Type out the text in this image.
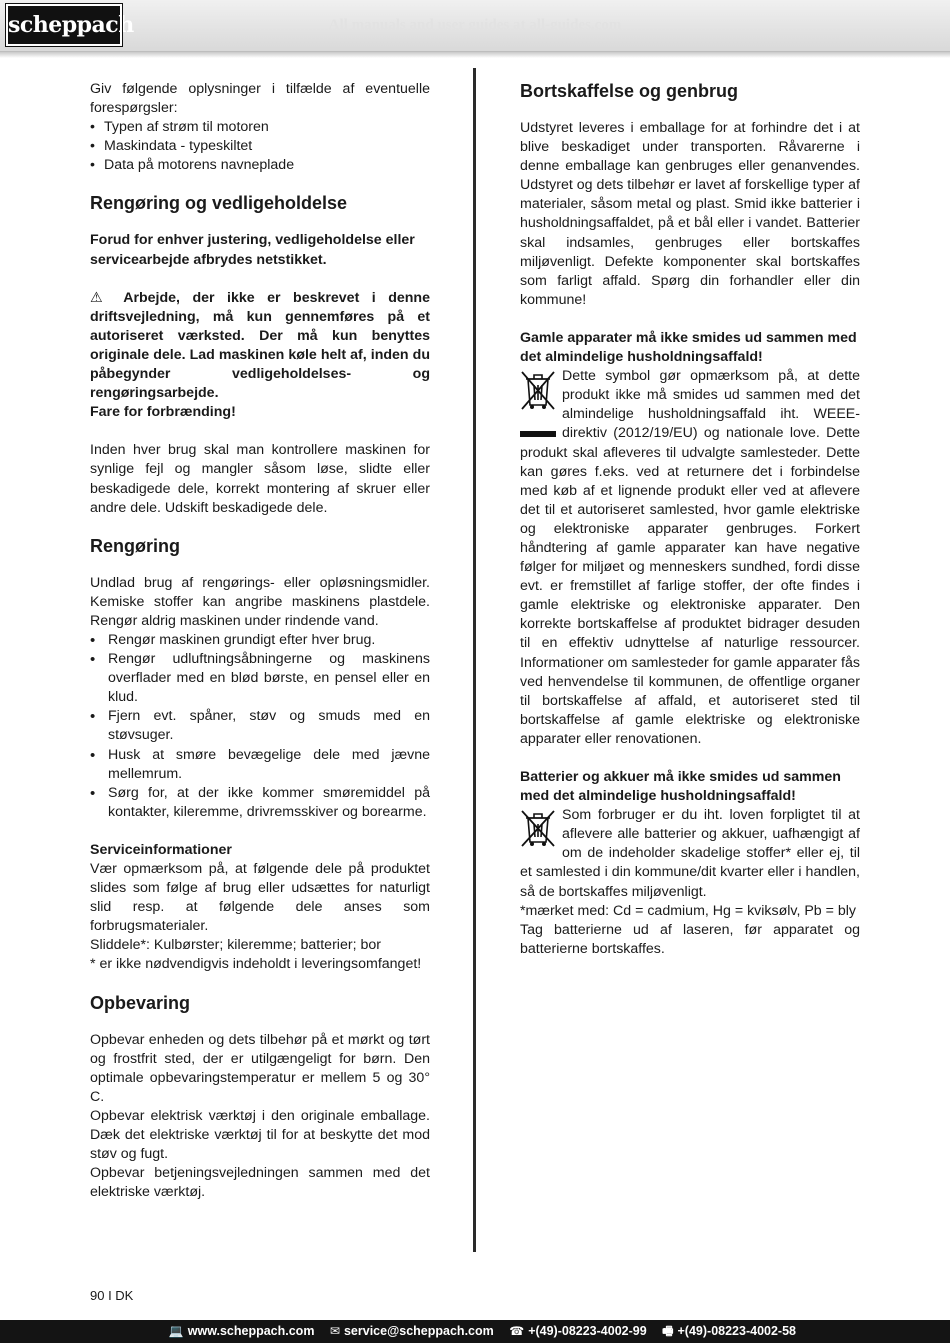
scheppach	All manuals and user guides at all-guides.com

Giv følgende oplysninger i tilfælde af eventuelle forespørgsler:

• Typen af strøm til motoren
• Maskindata - typeskiltet
• Data på motorens navneplade
Rengøring og vedligeholdelse

Forud for enhver justering, vedligeholdelse eller servicearbejde afbrydes netstikket.

⚠ Arbejde, der ikke er beskrevet i denne driftsvejledning, må kun gennemføres på et autoriseret værksted. Der må kun benyttes originale dele. Lad maskinen køle helt af, inden du påbegynder vedligeholdelses- og rengøringsarbejde.

Fare for forbrænding!

Inden hver brug skal man kontrollere maskinen for synlige fejl og mangler såsom løse, slidte eller beskadigede dele, korrekt montering af skruer eller andre dele. Udskift beskadigede dele.

Rengøring

Undlad brug af rengørings- eller opløsningsmidler. Kemiske stoffer kan angribe maskinens plastdele. Rengør aldrig maskinen under rindende vand.

• Rengør maskinen grundigt efter hver brug.
• Rengør udluftningsåbningerne og maskinens overflader med en blød børste, en pensel eller en klud.
• Fjern evt. spåner, støv og smuds med en støvsuger.
• Husk at smøre bevægelige dele med jævne mellemrum.
• Sørg for, at der ikke kommer smøremiddel på kontakter, kileremme, drivremsskiver og borearme.

Serviceinformationer

Vær opmærksom på, at følgende dele på produktet slides som følge af brug eller udsættes for naturligt slid resp. at følgende dele anses som forbrugsmaterialer.

Sliddele*: Kulbørster; kileremme; batterier; bor

* er ikke nødvendigvis indeholdt i leveringsomfanget!

Opbevaring

Opbevar enheden og dets tilbehør på et mørkt og tørt og frostfrit sted, der er utilgængeligt for børn. Den optimale opbevaringstemperatur er mellem 5 og 30° C.

Opbevar elektrisk værktøj i den originale emballage. Dæk det elektriske værktøj til for at beskytte det mod støv og fugt.

Opbevar betjeningsvejledningen sammen med det elektriske værktøj.

Bortskaffelse og genbrug

Udstyret leveres i emballage for at forhindre det i at blive beskadiget under transporten. Råvarerne i denne emballage kan genbruges eller genanvendes. Udstyret og dets tilbehør er lavet af forskellige typer af materialer, såsom metal og plast. Smid ikke batterier i husholdningsaffaldet, på et bål eller i vandet. Batterier skal indsamles, genbruges eller bortskaffes miljøvenligt. Defekte komponenter skal bortskaffes som farligt affald. Spørg din forhandler eller din kommune!

Gamle apparater må ikke smides ud sammen med det almindelige husholdningsaffald!

Dette symbol gør opmærksom på, at dette produkt ikke må smides ud sammen med det almindelige husholdningsaffald iht. WEEE-direktiv (2012/19/EU) og nationale love. Dette produkt skal afleveres til udvalgte samlesteder. Dette kan gøres f.eks. ved at returnere det i forbindelse med køb af et lignende produkt eller ved at aflevere det til et autoriseret samlested, hvor gamle elektriske og elektroniske apparater genbruges. Forkert håndtering af gamle apparater kan have negative følger for miljøet og menneskers sundhed, fordi disse evt. er fremstillet af farlige stoffer, der ofte findes i gamle elektriske og elektroniske apparater. Den korrekte bortskaffelse af produktet bidrager desuden til en effektiv udnyttelse af naturlige ressourcer. Informationer om samlesteder for gamle apparater fås ved henvendelse til kommunen, de offentlige organer til bortskaffelse af affald, et autoriseret sted til bortskaffelse af gamle elektriske og elektroniske apparater eller renovationen.

Batterier og akkuer må ikke smides ud sammen med det almindelige husholdningsaffald!

Som forbruger er du iht. loven forpligtet til at aflevere alle batterier og akkuer, uafhængigt af om de indeholder skadelige stoffer* eller ej, til et samlested i din kommune/dit kvarter eller i handlen, så de bortskaffes miljøvenligt.

*mærket med: Cd = cadmium, Hg = kviksølv, Pb = bly

Tag batterierne ud af laseren, før apparatet og batterierne bortskaffes.

90 I DK
💻 www.scheppach.com ✉ service@scheppach.com ☎ +(49)-08223-4002-99 🖷 +(49)-08223-4002-58
